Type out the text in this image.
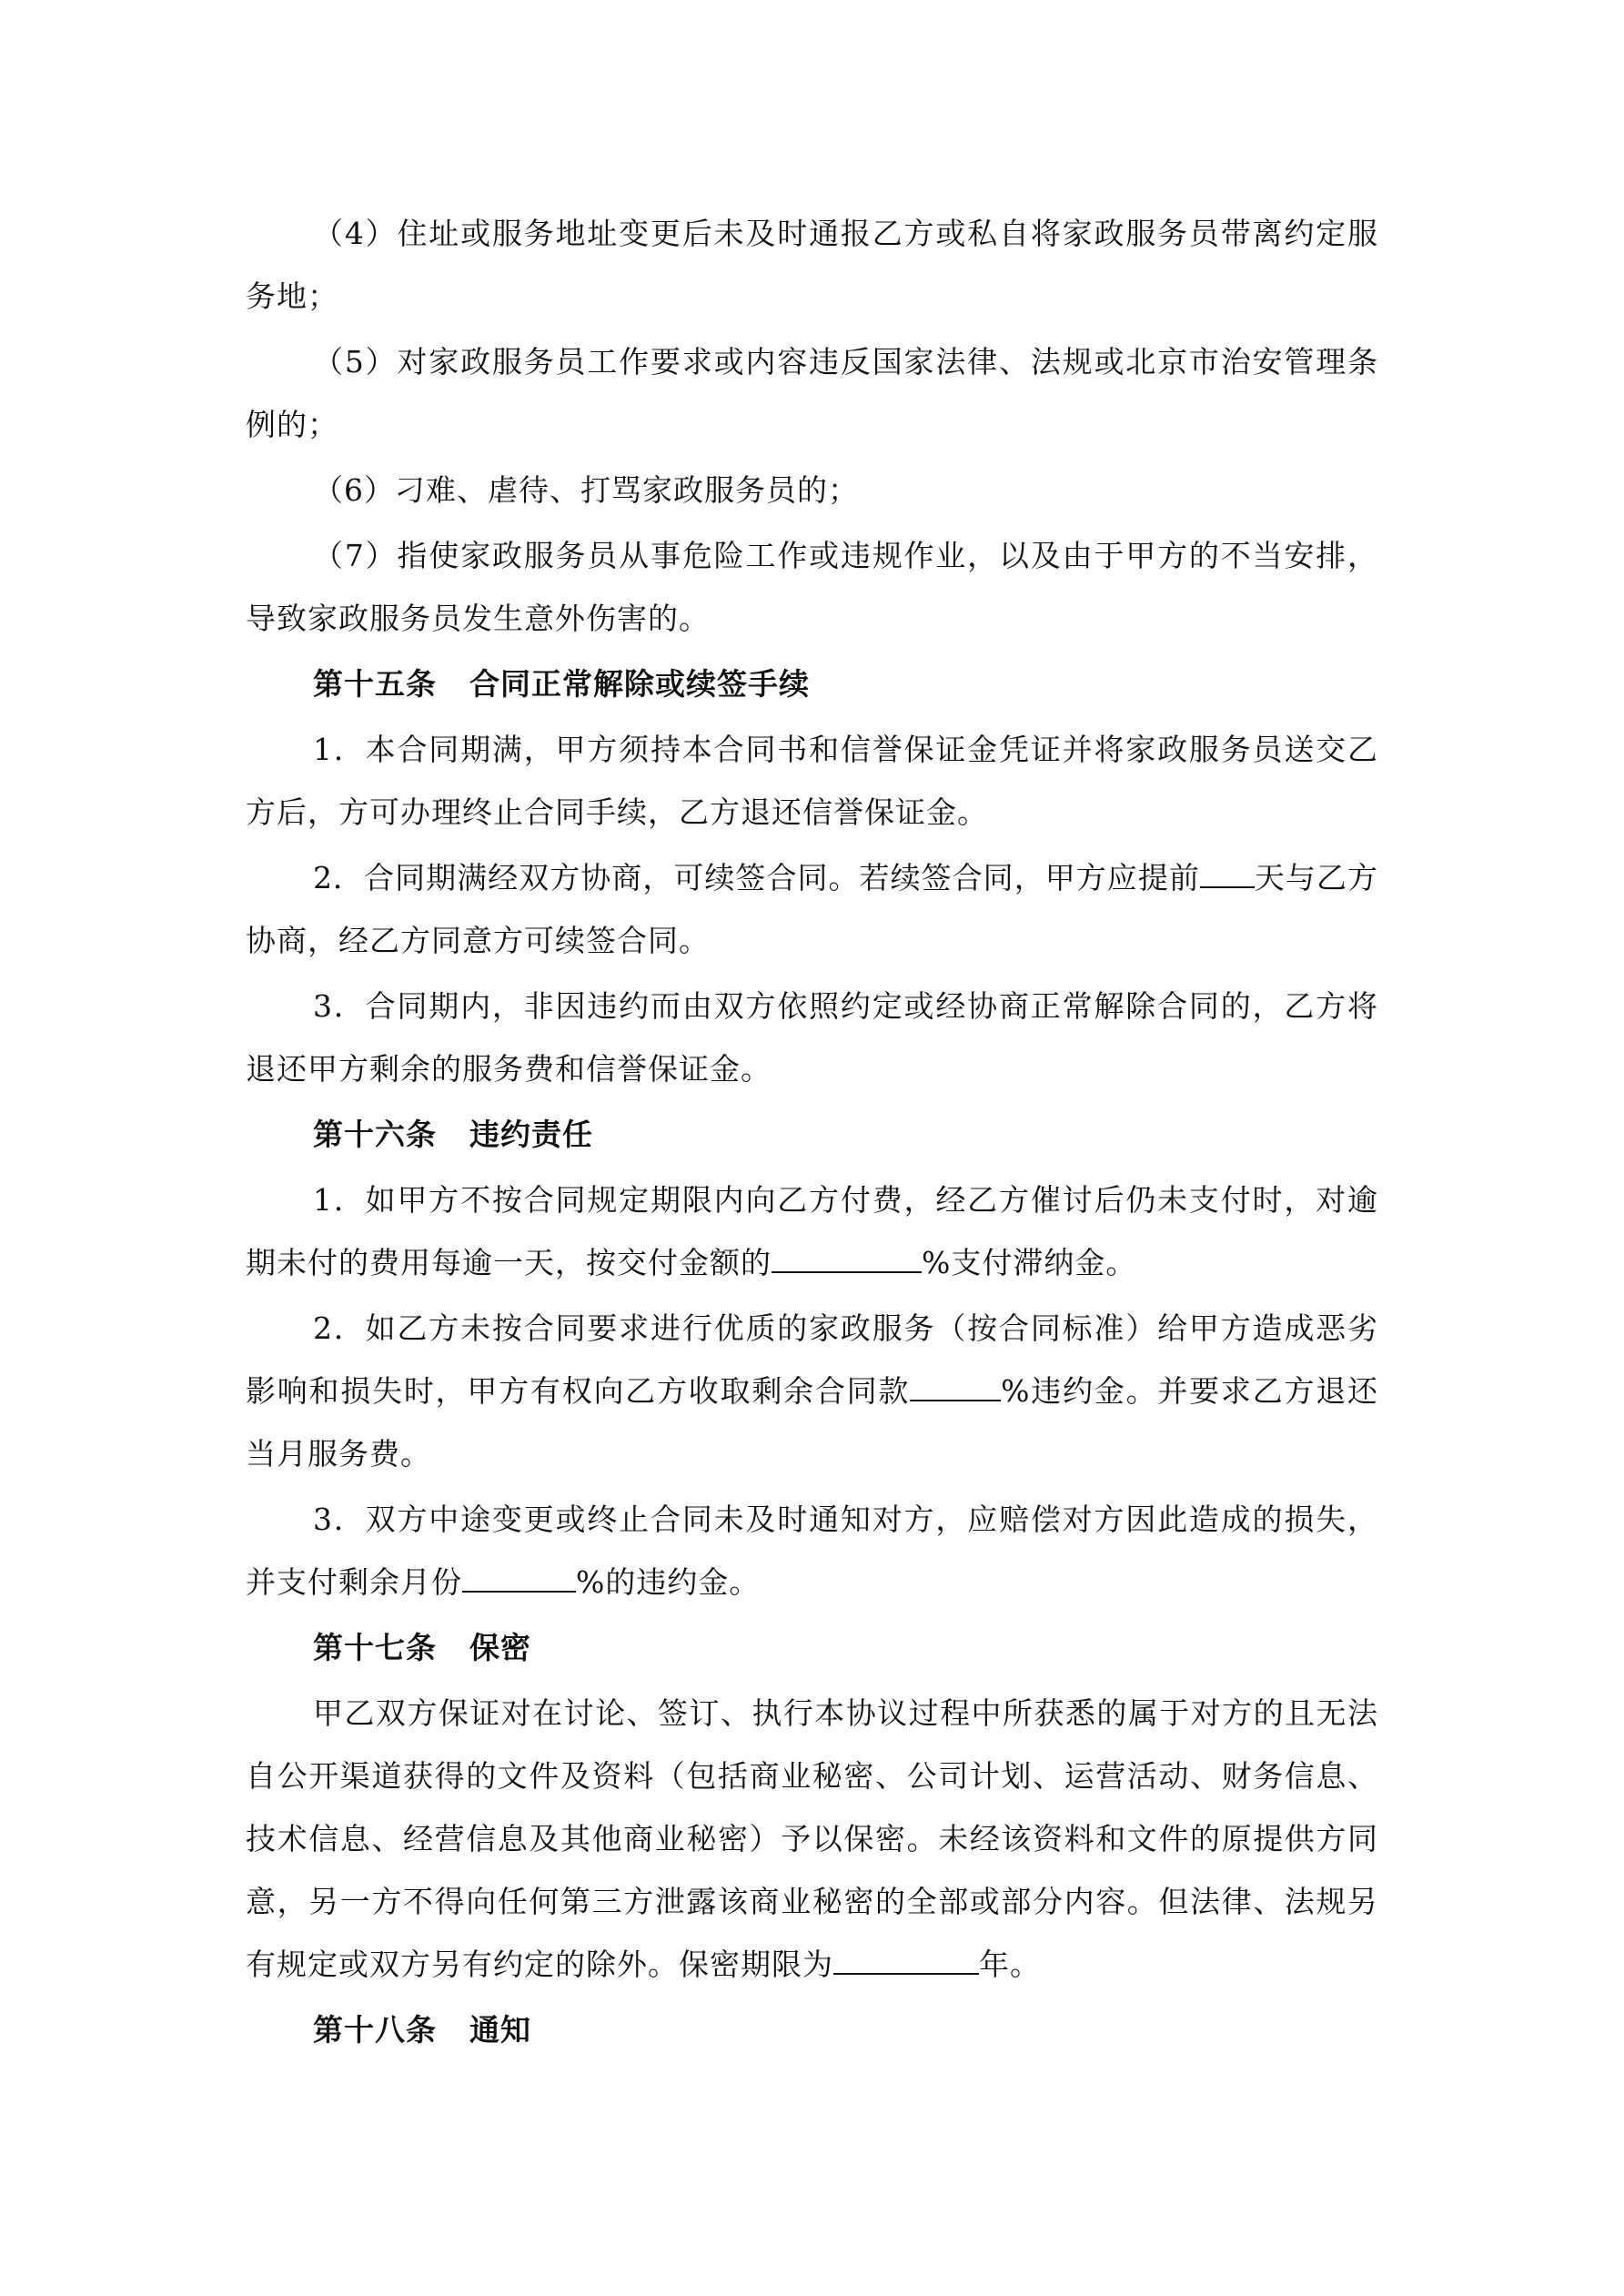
（4）住址或服务地址变更后未及时通报乙方或私自将家政服务员带离约定服务地；

（5）对家政服务员工作要求或内容违反国家法律、法规或北京市治安管理条例的；

（6）刁难、虐待、打骂家政服务员的；

（7）指使家政服务员从事危险工作或违规作业，以及由于甲方的不当安排，导致家政服务员发生意外伤害的。

第十五条 合同正常解除或续签手续

1．本合同期满，甲方须持本合同书和信誉保证金凭证并将家政服务员送交乙方后，方可办理终止合同手续，乙方退还信誉保证金。

2．合同期满经双方协商，可续签合同。若续签合同，甲方应提前 天与乙方协商，经乙方同意方可续签合同。

3．合同期内，非因违约而由双方依照约定或经协商正常解除合同的，乙方将退还甲方剩余的服务费和信誉保证金。

第十六条 违约责任

1．如甲方不按合同规定期限内向乙方付费，经乙方催讨后仍未支付时，对逾期未付的费用每逾一天，按交付金额的	%支付滞纳金。

2．如乙方未按合同要求进行优质的家政服务（按合同标准）给甲方造成恶劣影响和损失时，甲方有权向乙方收取剩余合同款	%违约金。并要求乙方退还当月服务费。

3．双方中途变更或终止合同未及时通知对方，应赔偿对方因此造成的损失，并支付剩余月份	%的违约金。

第十七条 保密

甲乙双方保证对在讨论、签订、执行本协议过程中所获悉的属于对方的且无法自公开渠道获得的文件及资料（包括商业秘密、公司计划、运营活动、财务信息、技术信息、经营信息及其他商业秘密）予以保密。未经该资料和文件的原提供方同意，另一方不得向任何第三方泄露该商业秘密的全部或部分内容。但法律、法规另有规定或双方另有约定的除外。保密期限为	年。

第十八条 通知
